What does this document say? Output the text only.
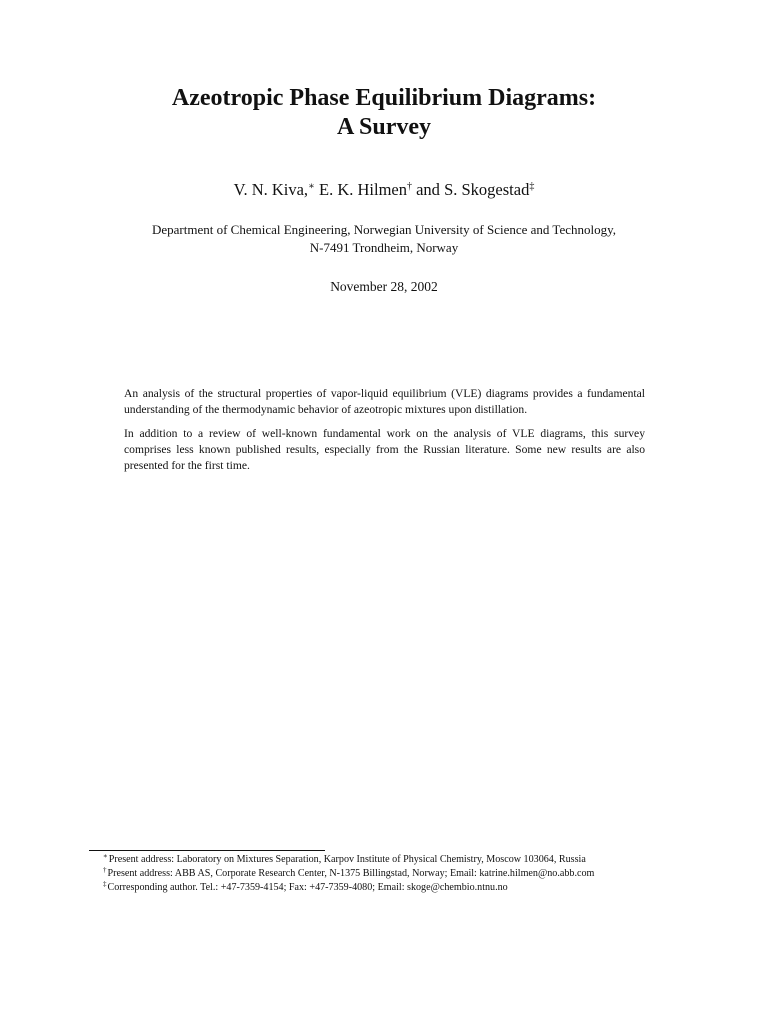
Azeotropic Phase Equilibrium Diagrams:
A Survey
V. N. Kiva,∗ E. K. Hilmen† and S. Skogestad‡
Department of Chemical Engineering, Norwegian University of Science and Technology,
N-7491 Trondheim, Norway
November 28, 2002

An analysis of the structural properties of vapor-liquid equilibrium (VLE) diagrams provides a fundamental understanding of the thermodynamic behavior of azeotropic mixtures upon distillation.

In addition to a review of well-known fundamental work on the analysis of VLE diagrams, this survey comprises less known published results, especially from the Russian literature. Some new results are also presented for the first time.

∗Present address: Laboratory on Mixtures Separation, Karpov Institute of Physical Chemistry, Moscow 103064, Russia
†Present address: ABB AS, Corporate Research Center, N-1375 Billingstad, Norway; Email: katrine.hilmen@no.abb.com
‡Corresponding author. Tel.: +47-7359-4154; Fax: +47-7359-4080; Email: skoge@chembio.ntnu.no
